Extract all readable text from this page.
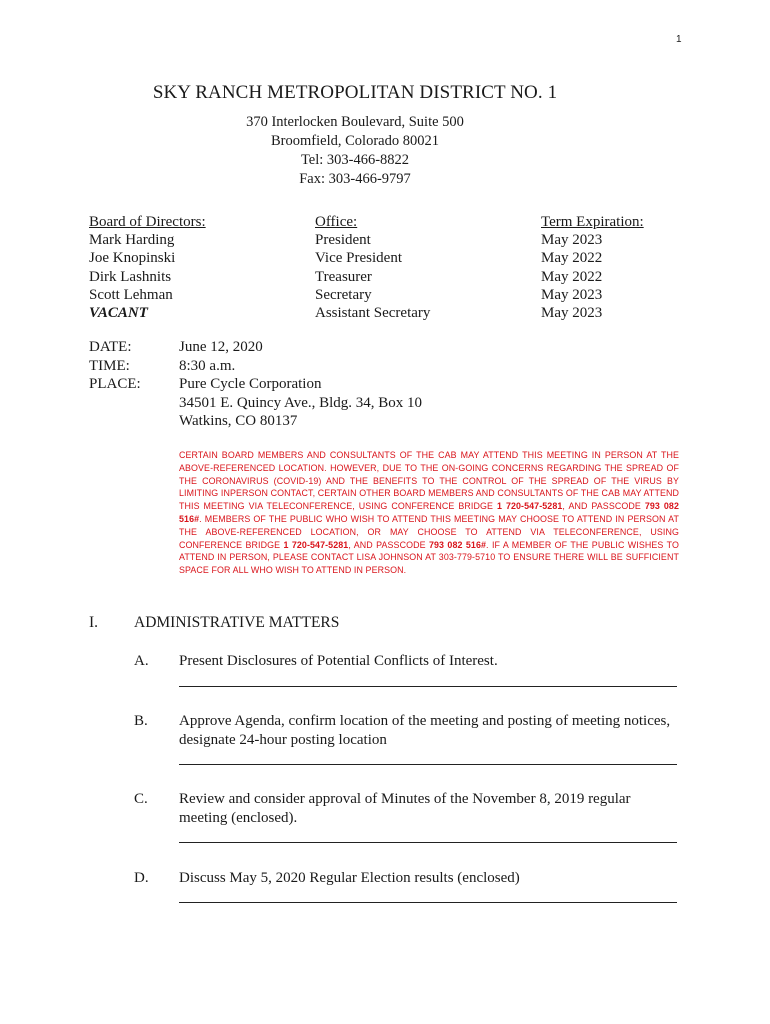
1
SKY RANCH METROPOLITAN DISTRICT NO. 1
370 Interlocken Boulevard, Suite 500
Broomfield, Colorado 80021
Tel: 303-466-8822
Fax: 303-466-9797
Board of Directors:
Mark Harding
Joe Knopinski
Dirk Lashnits
Scott Lehman
VACANT
Office:
President
Vice President
Treasurer
Secretary
Assistant Secretary
Term Expiration:
May 2023
May 2022
May 2022
May 2023
May 2023
DATE:
TIME:
PLACE:
June 12, 2020
8:30 a.m.
Pure Cycle Corporation
34501 E. Quincy Ave., Bldg. 34, Box 10
Watkins, CO 80137
CERTAIN BOARD MEMBERS AND CONSULTANTS OF THE CAB MAY ATTEND THIS MEETING IN PERSON AT THE ABOVE-REFERENCED LOCATION. HOWEVER, DUE TO THE ON-GOING CONCERNS REGARDING THE SPREAD OF THE CORONAVIRUS (COVID-19) AND THE BENEFITS TO THE CONTROL OF THE SPREAD OF THE VIRUS BY LIMITING INPERSON CONTACT, CERTAIN OTHER BOARD MEMBERS AND CONSULTANTS OF THE CAB MAY ATTEND THIS MEETING VIA TELECONFERENCE, USING CONFERENCE BRIDGE 1 720-547-5281, AND PASSCODE 793 082 516#. MEMBERS OF THE PUBLIC WHO WISH TO ATTEND THIS MEETING MAY CHOOSE TO ATTEND IN PERSON AT THE ABOVE-REFERENCED LOCATION, OR MAY CHOOSE TO ATTEND VIA TELECONFERENCE, USING CONFERENCE BRIDGE 1 720-547-5281, AND PASSCODE 793 082 516#. IF A MEMBER OF THE PUBLIC WISHES TO ATTEND IN PERSON, PLEASE CONTACT LISA JOHNSON AT 303-779-5710 TO ENSURE THERE WILL BE SUFFICIENT SPACE FOR ALL WHO WISH TO ATTEND IN PERSON.
I. ADMINISTRATIVE MATTERS
A. Present Disclosures of Potential Conflicts of Interest.
B. Approve Agenda, confirm location of the meeting and posting of meeting notices, designate 24-hour posting location
C. Review and consider approval of Minutes of the November 8, 2019 regular meeting (enclosed).
D. Discuss May 5, 2020 Regular Election results (enclosed)
